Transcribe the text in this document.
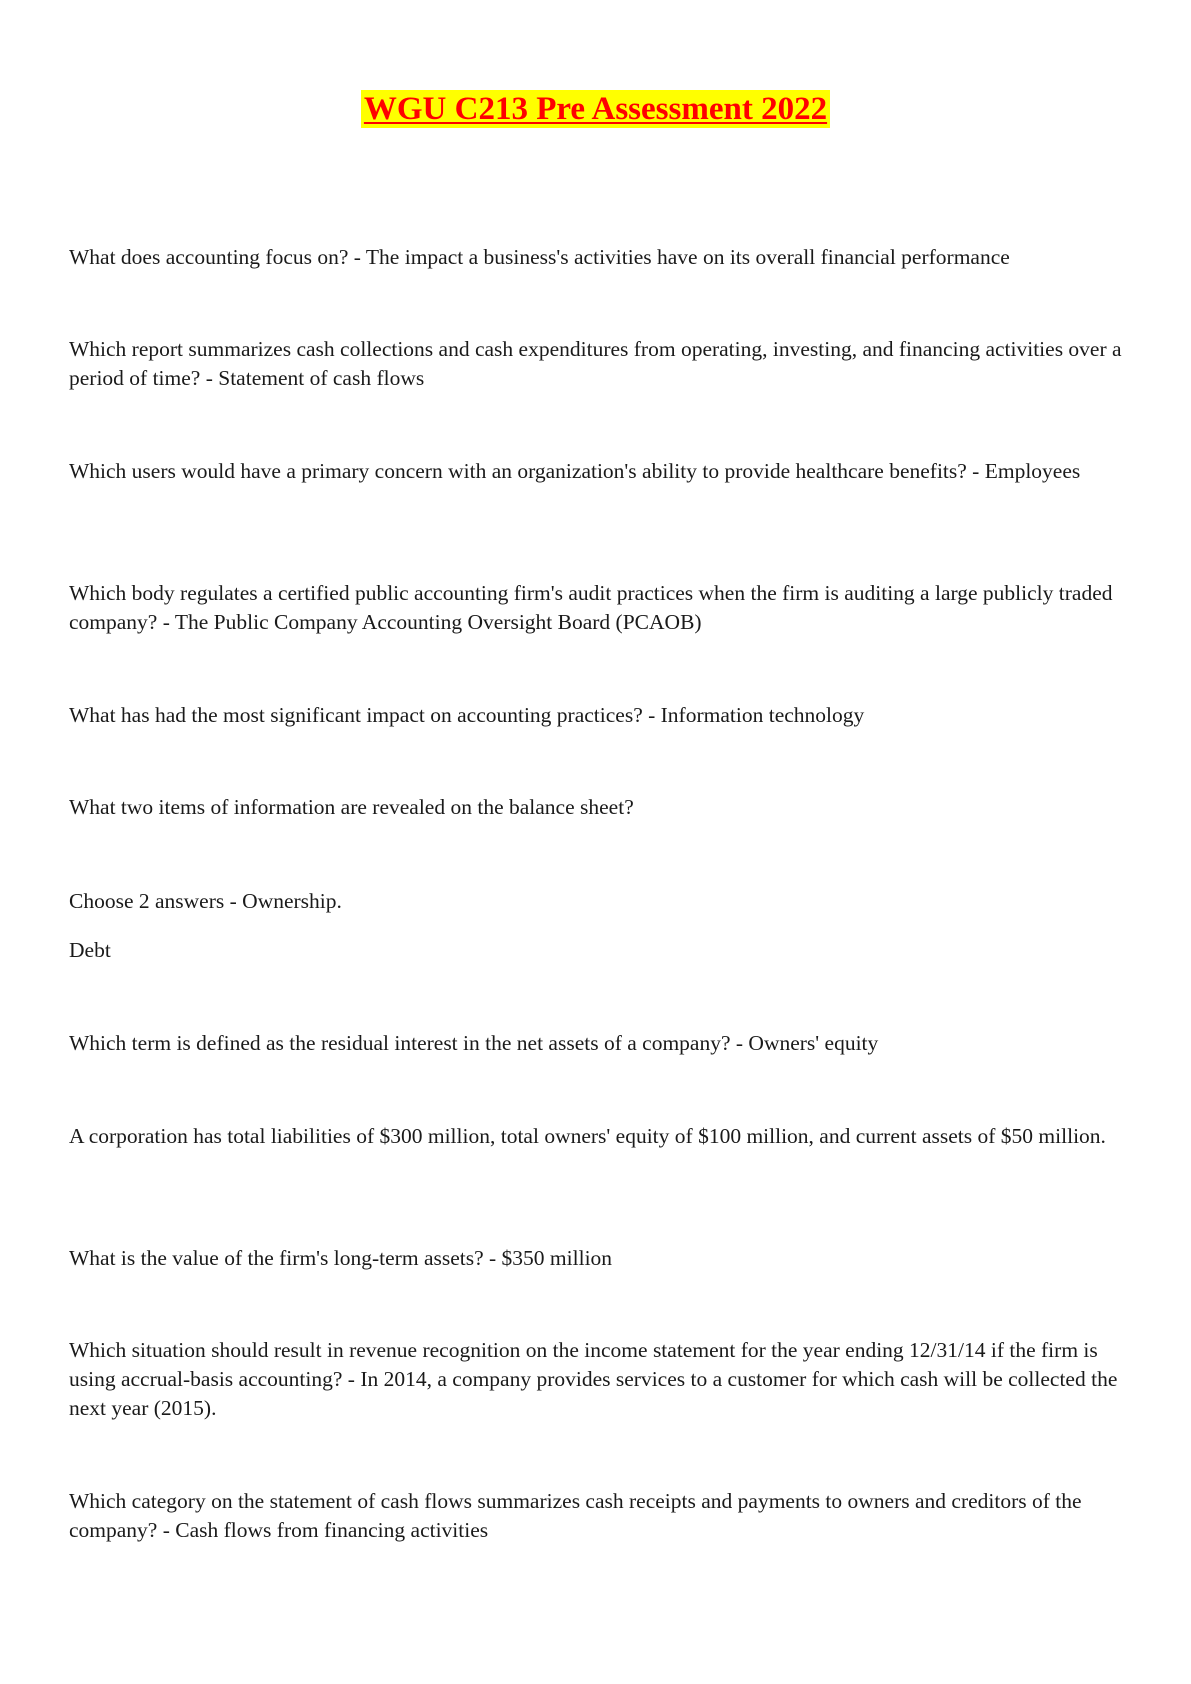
WGU C213 Pre Assessment 2022

What does accounting focus on? - The impact a business's activities have on its overall financial performance

Which report summarizes cash collections and cash expenditures from operating, investing, and financing activities over a period of time? - Statement of cash flows

Which users would have a primary concern with an organization's ability to provide healthcare benefits? - Employees

Which body regulates a certified public accounting firm's audit practices when the firm is auditing a large publicly traded company? - The Public Company Accounting Oversight Board (PCAOB)

What has had the most significant impact on accounting practices? - Information technology

What two items of information are revealed on the balance sheet?

Choose 2 answers - Ownership.

Debt

Which term is defined as the residual interest in the net assets of a company? - Owners' equity

A corporation has total liabilities of $300 million, total owners' equity of $100 million, and current assets of $50 million.

What is the value of the firm's long-term assets? - $350 million

Which situation should result in revenue recognition on the income statement for the year ending 12/31/14 if the firm is using accrual-basis accounting? - In 2014, a company provides services to a customer for which cash will be collected the next year (2015).

Which category on the statement of cash flows summarizes cash receipts and payments to owners and creditors of the company? - Cash flows from financing activities
